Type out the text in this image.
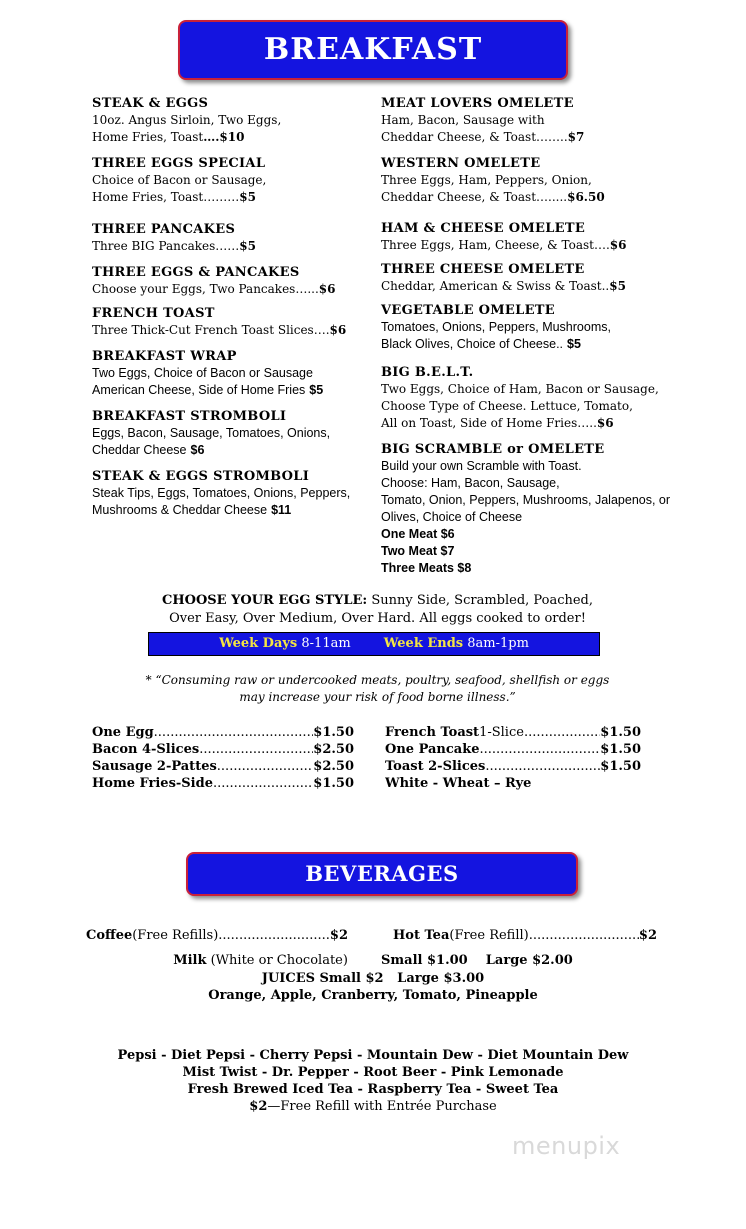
BREAKFAST
STEAK & EGGS
10oz. Angus Sirloin, Two Eggs,
Home Fries, Toast….$10
THREE EGGS SPECIAL
Choice of Bacon or Sausage,
Home Fries, Toast………$5
THREE PANCAKES
Three BIG Pancakes……$5
THREE EGGS & PANCAKES
Choose your Eggs, Two Pancakes…...$6
FRENCH TOAST
Three Thick-Cut French Toast Slices….$6
BREAKFAST WRAP
Two Eggs, Choice of Bacon or Sausage
American Cheese, Side of Home Fries $5
BREAKFAST STROMBOLI
Eggs, Bacon, Sausage, Tomatoes, Onions,
Cheddar Cheese $6
STEAK & EGGS STROMBOLI
Steak Tips, Eggs, Tomatoes, Onions, Peppers,
Mushrooms & Cheddar Cheese $11
MEAT LOVERS OMELETE
Ham, Bacon, Sausage with
Cheddar Cheese, & Toast……..$7
WESTERN OMELETE
Three Eggs, Ham, Peppers, Onion,
Cheddar Cheese, & Toast….....$6.50
HAM & CHEESE OMELETE
Three Eggs, Ham, Cheese, & Toast….$6
THREE CHEESE OMELETE
Cheddar, American & Swiss & Toast..$5
VEGETABLE OMELETE
Tomatoes, Onions, Peppers, Mushrooms,
Black Olives, Choice of Cheese.. $5
BIG B.E.L.T.
Two Eggs, Choice of Ham, Bacon or Sausage,
Choose Type of Cheese. Lettuce, Tomato,
All on Toast, Side of Home Fries…..$6
BIG SCRAMBLE or OMELETE
Build your own Scramble with Toast.
Choose: Ham, Bacon, Sausage,
Tomato, Onion, Peppers, Mushrooms, Jalapenos, or
Olives, Choice of Cheese
One Meat $6
Two Meat $7
Three Meats $8
CHOOSE YOUR EGG STYLE: Sunny Side, Scrambled, Poached,
Over Easy, Over Medium, Over Hard. All eggs cooked to order!
Week Days 8-11am	Week Ends 8am-1pm
* “Consuming raw or undercooked meats, poultry, seafood, shellfish or eggs
may increase your risk of food borne illness.”
One Egg .....	$1.50
Bacon 4-Slices .....	$2.50
Sausage 2-Pattes .....	$2.50
Home Fries-Side .....	$1.50
French Toast 1-Slice .....	$1.50
One Pancake .....	$1.50
Toast 2-Slices .....	$1.50
White - Wheat – Rye
BEVERAGES
Coffee (Free Refills) .....	$2	Hot Tea (Free Refill) .....	$2
Milk (White or Chocolate)	Small $1.00    Large $2.00
JUICES Small $2   Large $3.00
Orange, Apple, Cranberry, Tomato, Pineapple
Pepsi - Diet Pepsi - Cherry Pepsi - Mountain Dew - Diet Mountain Dew
Mist Twist - Dr. Pepper - Root Beer - Pink Lemonade
Fresh Brewed Iced Tea - Raspberry Tea - Sweet Tea
$2—Free Refill with Entrée Purchase
menupix
